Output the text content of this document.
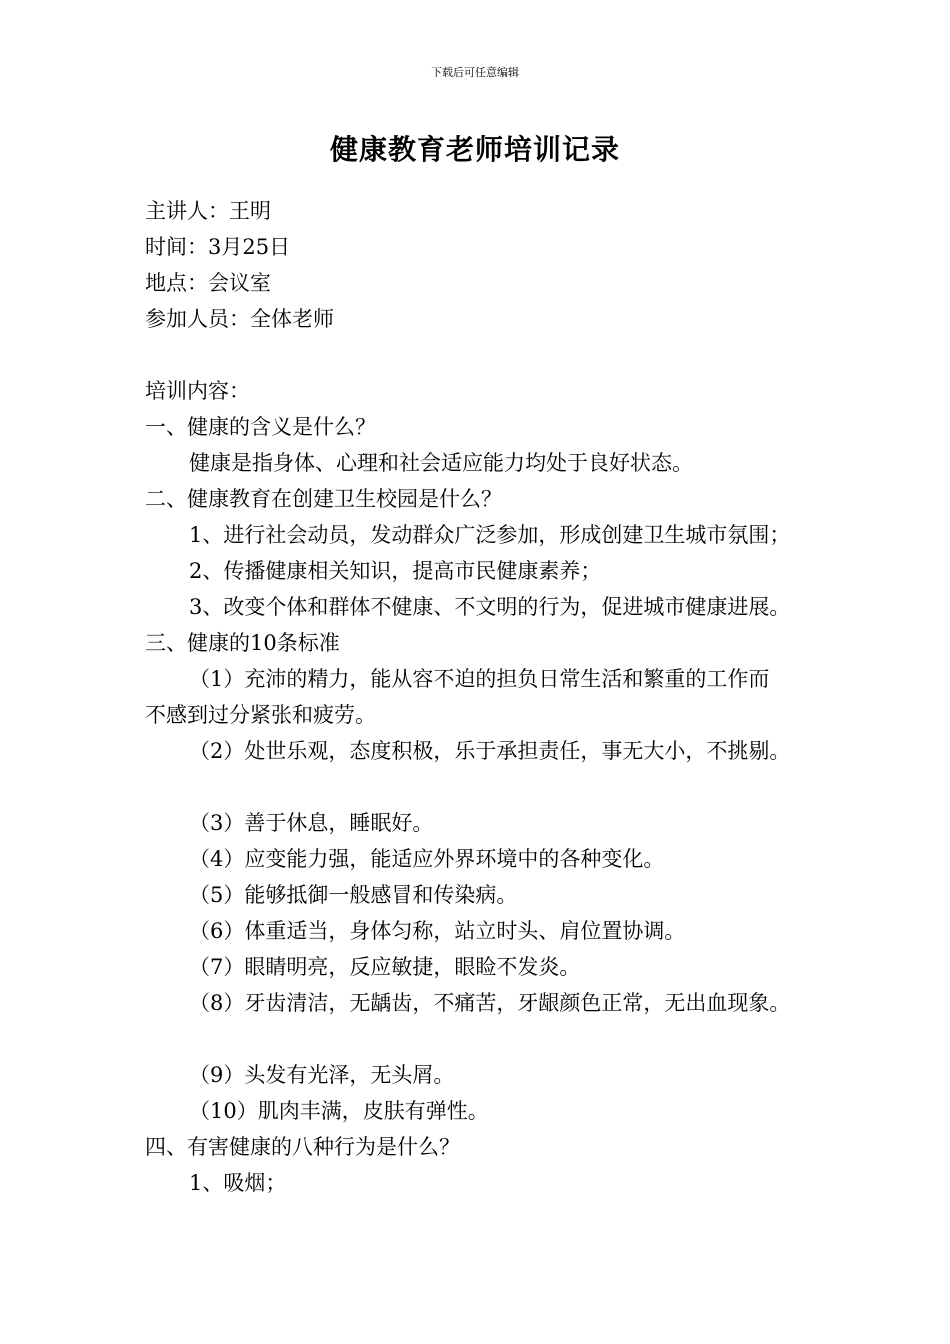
下载后可任意编辑
健康教育老师培训记录
主讲人：王明
时间：3月25日
地点：会议室
参加人员：全体老师
培训内容：
一、健康的含义是什么？
健康是指身体、心理和社会适应能力均处于良好状态。
二、健康教育在创建卫生校园是什么？
1、进行社会动员，发动群众广泛参加，形成创建卫生城市氛围；
2、传播健康相关知识，提高市民健康素养；
3、改变个体和群体不健康、不文明的行为，促进城市健康进展。
三、健康的10条标准
（1）充沛的精力，能从容不迫的担负日常生活和繁重的工作而
不感到过分紧张和疲劳。
（2）处世乐观，态度积极，乐于承担责任，事无大小，不挑剔。
（3）善于休息，睡眠好。
（4）应变能力强，能适应外界环境中的各种变化。
（5）能够抵御一般感冒和传染病。
（6）体重适当，身体匀称，站立时头、肩位置协调。
（7）眼睛明亮，反应敏捷，眼睑不发炎。
（8）牙齿清洁，无龋齿，不痛苦，牙龈颜色正常，无出血现象。
（9）头发有光泽，无头屑。
（10）肌肉丰满，皮肤有弹性。
四、有害健康的八种行为是什么？
1、吸烟；
